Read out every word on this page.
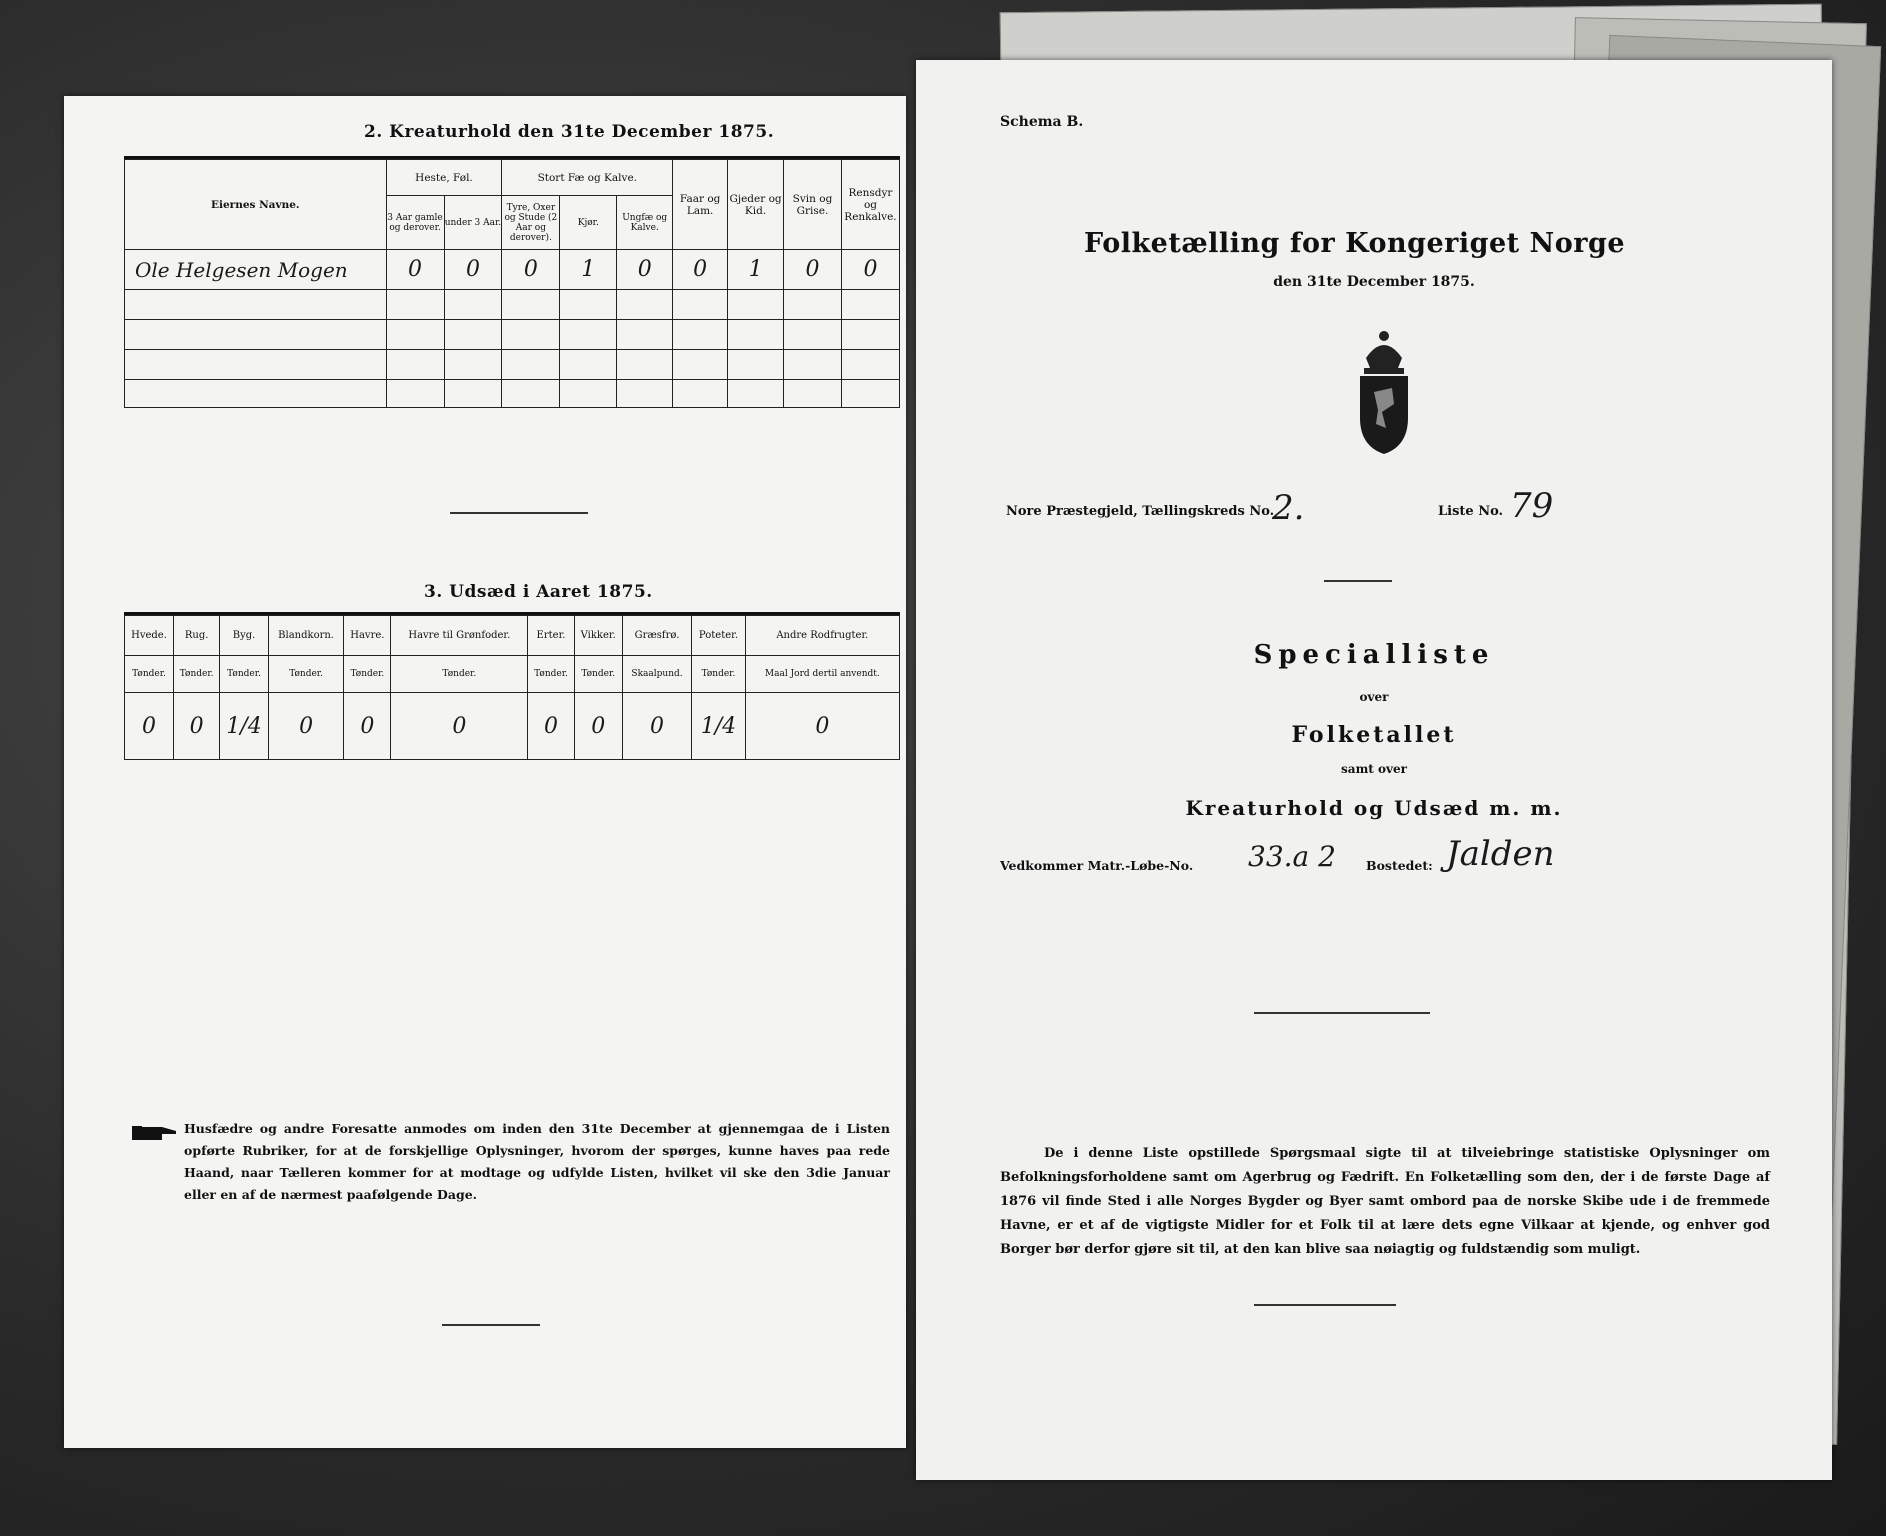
2. Kreaturhold den 31te December 1875.
Eiernes Navne.	Heste, Føl.		Stort Fæ og Kalve.			Faar og Lam.	Gjeder og Kid.	Svin og Grise.	Rensdyr og Renkalve.
	3 Aar gamle og derover.	under 3 Aar.	Tyre, Oxer og Stude (2 Aar og derover).	Kjør.	Ungfæ og Kalve.				
Ole Helgesen Mogen	0	0	0	1	0	0	1	0	0

3. Udsæd i Aaret 1875.
Hvede.	Rug.	Byg.	Blandkorn.	Havre.	Havre til Grønfoder.	Erter.	Vikker.	Græsfrø.	Poteter.	Andre Rodfrugter.
Tønder.	Tønder.	Tønder.	Tønder.	Tønder.	Tønder.	Tønder.	Tønder.	Skaalpund.	Tønder.	Maal Jord dertil anvendt.
0	0	1/4	0	0	0	0	0	0	1/4	0
Husfædre og andre Foresatte anmodes om inden den 31te December at gjennemgaa de i Listen opførte Rubriker, for at de forskjellige Oplysninger, hvorom der spørges, kunne haves paa rede Haand, naar Tælleren kommer for at modtage og udfylde Listen, hvilket vil ske den 3die Januar eller en af de nærmest paafølgende Dage.
Schema B.
Folketælling for Kongeriget Norge
den 31te December 1875.
Nore Præstegjeld, Tællingskreds No.
2.	Liste No. 79
Specialliste
over
Folketallet
samt over
Kreaturhold og Udsæd m. m.
Vedkommer Matr.-Løbe-No. 33.a 2 Bostedet: Jalden
De i denne Liste opstillede Spørgsmaal sigte til at tilveiebringe statistiske Oplysninger om Befolkningsforholdene samt om Agerbrug og Fædrift. En Folketælling som den, der i de første Dage af 1876 vil finde Sted i alle Norges Bygder og Byer samt ombord paa de norske Skibe ude i de fremmede Havne, er et af de vigtigste Midler for et Folk til at lære dets egne Vilkaar at kjende, og enhver god Borger bør derfor gjøre sit til, at den kan blive saa nøiagtig og fuldstændig som muligt.
